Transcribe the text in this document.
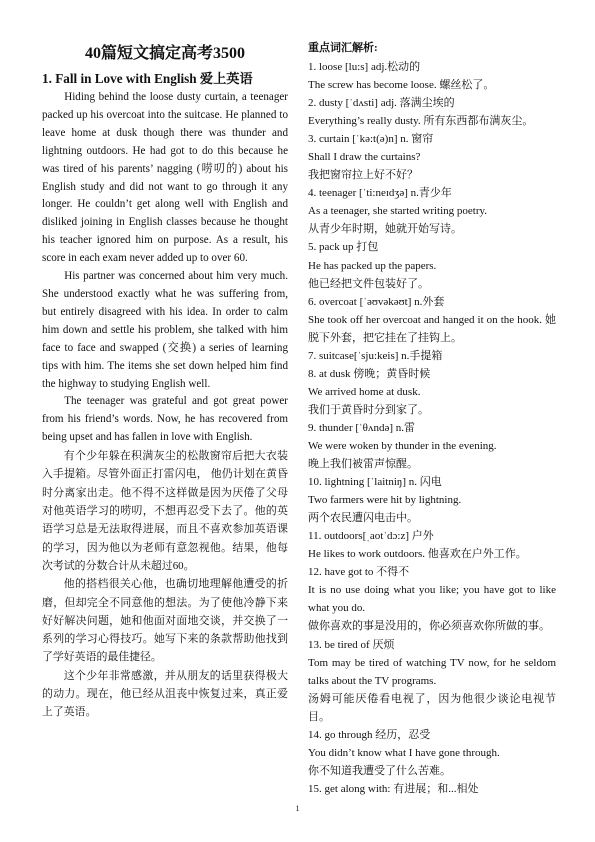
40篇短文搞定高考3500
1. Fall in Love with English 爱上英语

Hiding behind the loose dusty curtain, a teenager packed up his overcoat into the suitcase. He planned to leave home at dusk though there was thunder and lightning outdoors. He had got to do this because he was tired of his parents’ nagging (唠叨的) about his English study and did not want to go through it any longer. He couldn’t get along well with English and disliked joining in English classes because he thought his teacher ignored him on purpose. As a result, his score in each exam never added up to over 60.

His partner was concerned about him very much. She understood exactly what he was suffering from, but entirely disagreed with his idea. In order to calm him down and settle his problem, she talked with him face to face and swapped (交换) a series of learning tips with him. The items she set down helped him find the highway to studying English well.

The teenager was grateful and got great power from his friend’s words. Now, he has recovered from being upset and has fallen in love with English.

有个少年躲在积满灰尘的松散窗帘后把大衣装入手提箱。尽管外面正打雷闪电， 他仍计划在黄昏时分离家出走。他不得不这样做是因为厌倦了父母对他英语学习的唠叨，不想再忍受下去了。他的英语学习总是无法取得进展，而且不喜欢参加英语课的学习，因为他以为老师有意忽视他。结果，他每次考试的分数合计从未超过60。

他的搭档很关心他，也确切地理解他遭受的折磨，但却完全不同意他的想法。为了使他冷静下来好好解决问题，她和他面对面地交谈，并交换了一系列的学习心得技巧。她写下来的条款帮助他找到了学好英语的最佳捷径。

这个少年非常感激，并从朋友的话里获得极大的动力。现在，他已经从沮丧中恢复过来，真正爱上了英语。

重点词汇解析:

1. loose [lu:s] adj.松动的

The screw has become loose. 螺丝松了。

2. dusty [ˈdʌsti] adj. 落满尘埃的

Everything’s really dusty. 所有东西都布满灰尘。

3. curtain [ˈkə:t(ə)n] n. 窗帘

Shall I draw the curtains?

我把窗帘拉上好不好？

4. teenager [ˈti:neɪdʒə] n.青少年

As a teenager, she started writing poetry.

从青少年时期，她就开始写诗。

5. pack up 打包

He has packed up the papers.

他已经把文件包装好了。

6. overcoat [ˈəʊvəkəʊt] n.外套

She took off her overcoat and hanged it on the hook. 她脱下外套，把它挂在了挂钩上。

7. suitcase[ˈsju:keis] n.手提箱

8. at dusk 傍晚；黄昏时候

We arrived home at dusk.

我们于黄昏时分到家了。

9. thunder [ˈθʌndə] n.雷

We were woken by thunder in the evening.

晚上我们被雷声惊醒。

10. lightning [ˈlaitniŋ] n. 闪电

Two farmers were hit by lightning.

两个农民遭闪电击中。

11. outdoors[ˌaotˈdɔ:z] 户外

He likes to work outdoors. 他喜欢在户外工作。

12. have got to 不得不

It is no use doing what you like; you have got to like what you do.

做你喜欢的事是没用的，你必须喜欢你所做的事。

13. be tired of 厌烦

Tom may be tired of watching TV now, for he seldom talks about the TV programs.

汤姆可能厌倦看电视了，因为他很少谈论电视节目。

14. go through 经历，忍受

You didn’t know what I have gone through.

你不知道我遭受了什么苦难。

15. get along with: 有进展；和...相处

1
